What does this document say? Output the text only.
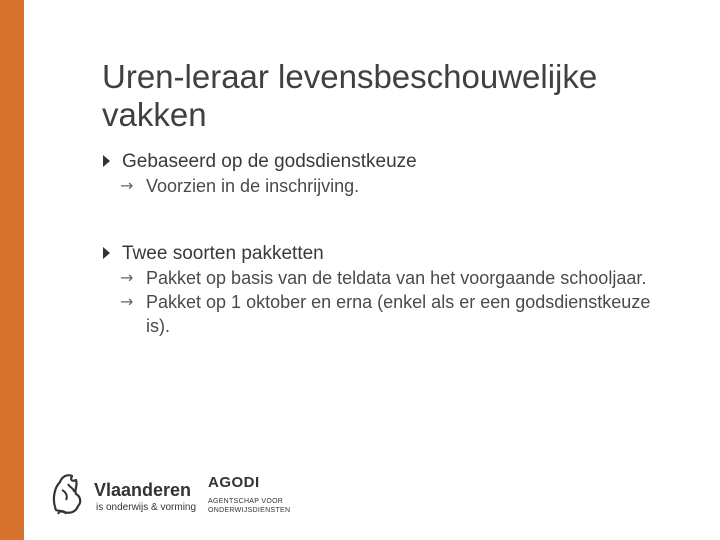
Uren-leraar levensbeschouwelijke
vakken
Gebaseerd op de godsdienstkeuze
→ Voorzien in de inschrijving.
Twee soorten pakketten
→ Pakket op basis van de teldata van het voorgaande schooljaar.
→ Pakket op 1 oktober en erna (enkel als er een godsdienstkeuze is).
Vlaanderen
is onderwijs & vorming
AGODI
AGENTSCHAP VOOR
ONDERWIJSDIENSTEN
